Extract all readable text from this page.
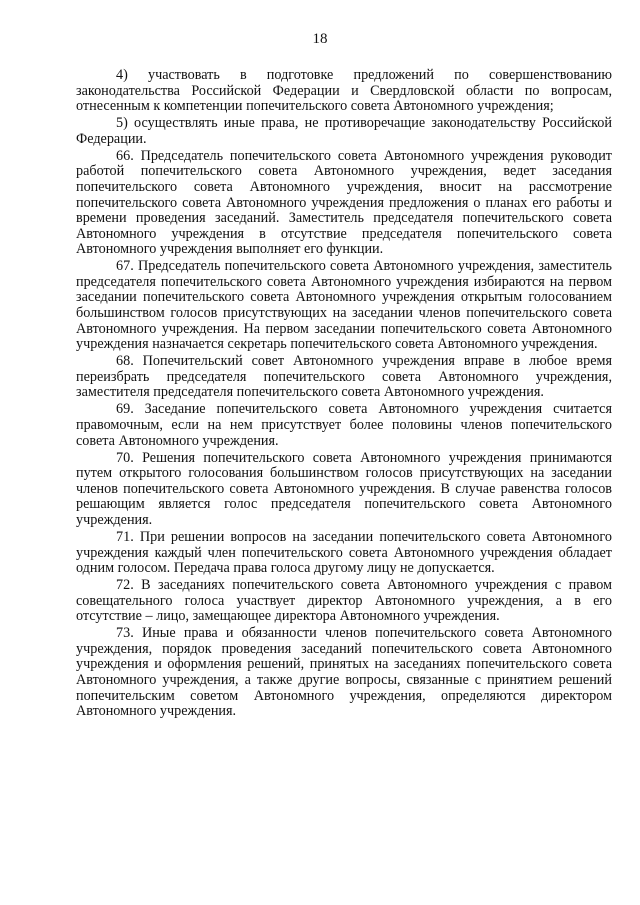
18

4) участвовать в подготовке предложений по совершенствованию законодательства Российской Федерации и Свердловской области по вопросам, отнесенным к компетенции попечительского совета Автономного учреждения;

5) осуществлять иные права, не противоречащие законодательству Российской Федерации.

66. Председатель попечительского совета Автономного учреждения руководит работой попечительского совета Автономного учреждения, ведет заседания попечительского совета Автономного учреждения, вносит на рассмотрение попечительского совета Автономного учреждения предложения о планах его работы и времени проведения заседаний. Заместитель председателя попечительского совета Автономного учреждения в отсутствие председателя попечительского совета Автономного учреждения выполняет его функции.

67. Председатель попечительского совета Автономного учреждения, заместитель председателя попечительского совета Автономного учреждения избираются на первом заседании попечительского совета Автономного учреждения открытым голосованием большинством голосов присутствующих на заседании членов попечительского совета Автономного учреждения. На первом заседании попечительского совета Автономного учреждения назначается секретарь попечительского совета Автономного учреждения.

68. Попечительский совет Автономного учреждения вправе в любое время переизбрать председателя попечительского совета Автономного учреждения, заместителя председателя попечительского совета Автономного учреждения.

69. Заседание попечительского совета Автономного учреждения считается правомочным, если на нем присутствует более половины членов попечительского совета Автономного учреждения.

70. Решения попечительского совета Автономного учреждения принимаются путем открытого голосования большинством голосов присутствующих на заседании членов попечительского совета Автономного учреждения. В случае равенства голосов решающим является голос председателя попечительского совета Автономного учреждения.

71. При решении вопросов на заседании попечительского совета Автономного учреждения каждый член попечительского совета Автономного учреждения обладает одним голосом. Передача права голоса другому лицу не допускается.

72. В заседаниях попечительского совета Автономного учреждения с правом совещательного голоса участвует директор Автономного учреждения, а в его отсутствие – лицо, замещающее директора Автономного учреждения.

73. Иные права и обязанности членов попечительского совета Автономного учреждения, порядок проведения заседаний попечительского совета Автономного учреждения и оформления решений, принятых на заседаниях попечительского совета Автономного учреждения, а также другие вопросы, связанные с принятием решений попечительским советом Автономного учреждения, определяются директором Автономного учреждения.
